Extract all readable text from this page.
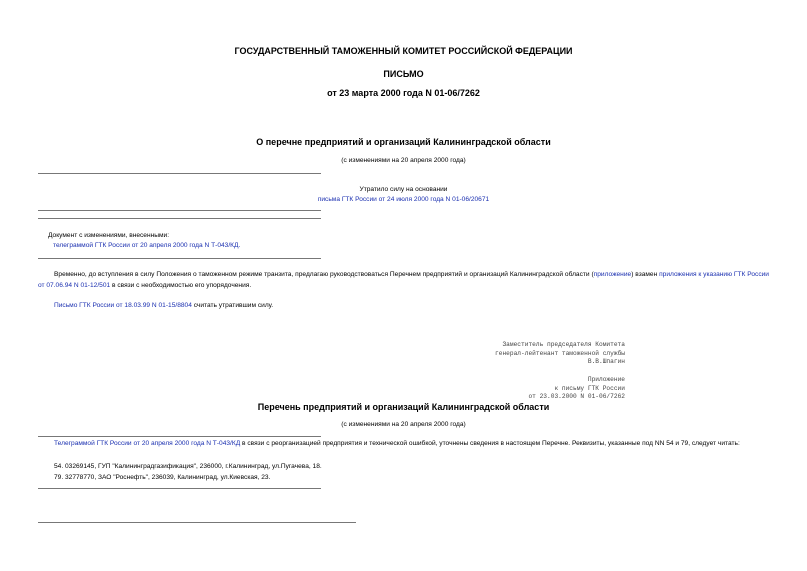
ГОСУДАРСТВЕННЫЙ ТАМОЖЕННЫЙ КОМИТЕТ РОССИЙСКОЙ ФЕДЕРАЦИИ
ПИСЬМО
от 23 марта 2000 года N 01-06/7262
О перечне предприятий и организаций Калининградской области
(с изменениями на 20 апреля 2000 года)
Утратило силу на основании
письма ГТК России от 24 июля 2000 года N 01-06/20671
Документ с изменениями, внесенными:
телеграммой ГТК России от 20 апреля 2000 года N Т-043/КД.
Временно, до вступления в силу Положения о таможенном режиме транзита, предлагаю руководствоваться Перечнем предприятий и организаций Калининградской области (приложение) взамен приложения к указанию ГТК России от 07.06.94 N 01-12/501 в связи с необходимостью его упорядочения.
Письмо ГТК России от 18.03.99 N 01-15/8804 считать утратившим силу.
Заместитель председателя Комитета
генерал-лейтенант таможенной службы
В.В.Шпагин
Приложение
к письму ГТК России
от 23.03.2000 N 01-06/7262
Перечень предприятий и организаций Калининградской области
(с изменениями на 20 апреля 2000 года)
Телеграммой ГТК России от 20 апреля 2000 года N Т-043/КД в связи с реорганизацией предприятия и технической ошибкой, уточнены сведения в настоящем Перечне. Реквизиты, указанные под NN 54 и 79, следует читать:
54. 03269145, ГУП "Калининградгазификация", 236000, г.Калининград, ул.Пугачева, 18.
79. 32778770, ЗАО "Роснефть", 236039, Калининград, ул.Киевская, 23.
